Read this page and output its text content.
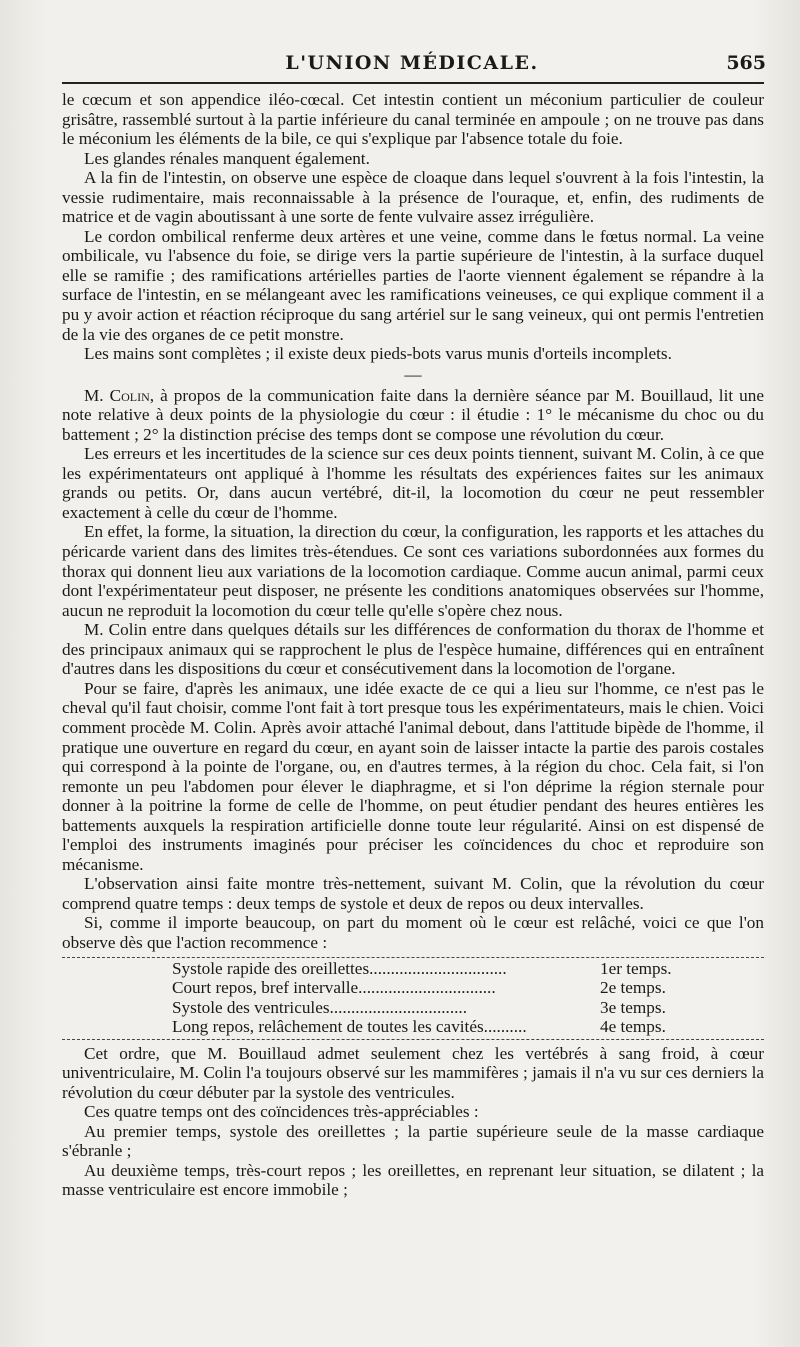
L'UNION MÉDICALE.	565

le cœcum et son appendice iléo-cœcal. Cet intestin contient un méconium particulier de couleur grisâtre, rassemblé surtout à la partie inférieure du canal terminée en ampoule ; on ne trouve pas dans le méconium les éléments de la bile, ce qui s'explique par l'absence totale du foie.

Les glandes rénales manquent également.

A la fin de l'intestin, on observe une espèce de cloaque dans lequel s'ouvrent à la fois l'intestin, la vessie rudimentaire, mais reconnaissable à la présence de l'ouraque, et, enfin, des rudiments de matrice et de vagin aboutissant à une sorte de fente vulvaire assez irrégulière.

Le cordon ombilical renferme deux artères et une veine, comme dans le fœtus normal. La veine ombilicale, vu l'absence du foie, se dirige vers la partie supérieure de l'intestin, à la surface duquel elle se ramifie ; des ramifications artérielles parties de l'aorte viennent également se répandre à la surface de l'intestin, en se mélangeant avec les ramifications veineuses, ce qui explique comment il a pu y avoir action et réaction réciproque du sang artériel sur le sang veineux, qui ont permis l'entretien de la vie des organes de ce petit monstre.

Les mains sont complètes ; il existe deux pieds-bots varus munis d'orteils incomplets.

—

M. Colin, à propos de la communication faite dans la dernière séance par M. Bouillaud, lit une note relative à deux points de la physiologie du cœur : il étudie : 1° le mécanisme du choc ou du battement ; 2° la distinction précise des temps dont se compose une révolution du cœur.

Les erreurs et les incertitudes de la science sur ces deux points tiennent, suivant M. Colin, à ce que les expérimentateurs ont appliqué à l'homme les résultats des expériences faites sur les animaux grands ou petits. Or, dans aucun vertébré, dit-il, la locomotion du cœur ne peut ressembler exactement à celle du cœur de l'homme.

En effet, la forme, la situation, la direction du cœur, la configuration, les rapports et les attaches du péricarde varient dans des limites très-étendues. Ce sont ces variations subordonnées aux formes du thorax qui donnent lieu aux variations de la locomotion cardiaque. Comme aucun animal, parmi ceux dont l'expérimentateur peut disposer, ne présente les conditions anatomiques observées sur l'homme, aucun ne reproduit la locomotion du cœur telle qu'elle s'opère chez nous.

M. Colin entre dans quelques détails sur les différences de conformation du thorax de l'homme et des principaux animaux qui se rapprochent le plus de l'espèce humaine, différences qui en entraînent d'autres dans les dispositions du cœur et consécutivement dans la locomotion de l'organe.

Pour se faire, d'après les animaux, une idée exacte de ce qui a lieu sur l'homme, ce n'est pas le cheval qu'il faut choisir, comme l'ont fait à tort presque tous les expérimentateurs, mais le chien. Voici comment procède M. Colin. Après avoir attaché l'animal debout, dans l'attitude bipède de l'homme, il pratique une ouverture en regard du cœur, en ayant soin de laisser intacte la partie des parois costales qui correspond à la pointe de l'organe, ou, en d'autres termes, à la région du choc. Cela fait, si l'on remonte un peu l'abdomen pour élever le diaphragme, et si l'on déprime la région sternale pour donner à la poitrine la forme de celle de l'homme, on peut étudier pendant des heures entières les battements auxquels la respiration artificielle donne toute leur régularité. Ainsi on est dispensé de l'emploi des instruments imaginés pour préciser les coïncidences du choc et reproduire son mécanisme.

L'observation ainsi faite montre très-nettement, suivant M. Colin, que la révolution du cœur comprend quatre temps : deux temps de systole et deux de repos ou deux intervalles.

Si, comme il importe beaucoup, on part du moment où le cœur est relâché, voici ce que l'on observe dès que l'action recommence :

Systole rapide des oreillettes................................	1er temps.
Court repos, bref intervalle................................	2e temps.
Systole des ventricules................................	3e temps.
Long repos, relâchement de toutes les cavités..........	4e temps.

Cet ordre, que M. Bouillaud admet seulement chez les vertébrés à sang froid, à cœur univentriculaire, M. Colin l'a toujours observé sur les mammifères ; jamais il n'a vu sur ces derniers la révolution du cœur débuter par la systole des ventricules.

Ces quatre temps ont des coïncidences très-appréciables :

Au premier temps, systole des oreillettes ; la partie supérieure seule de la masse cardiaque s'ébranle ;

Au deuxième temps, très-court repos ; les oreillettes, en reprenant leur situation, se dilatent ; la masse ventriculaire est encore immobile ;
